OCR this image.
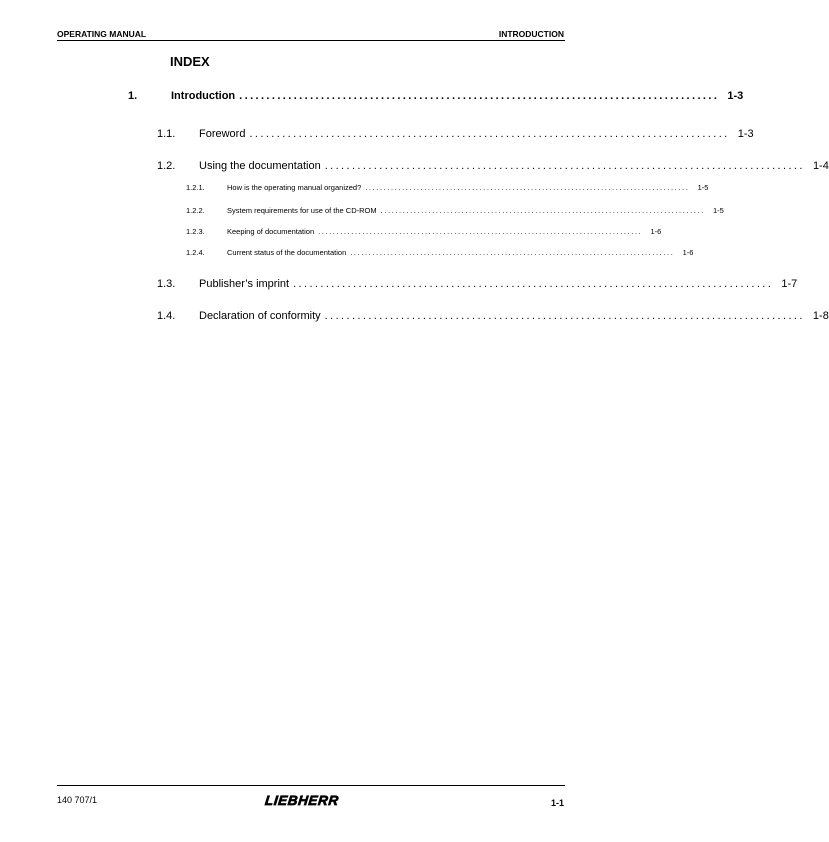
OPERATING MANUAL	INTRODUCTION
INDEX
1.	Introduction ........................................................................................ 1-3
1.1.	Foreword ........................................................................................ 1-3
1.2.	Using the documentation ........................................................................................ 1-4
1.2.1.	How is the operating manual organized? ........................................................................................	1-5
1.2.2.	System requirements for use of the CD-ROM ........................................................................................	1-5
1.2.3.	Keeping of documentation ........................................................................................	1-6
1.2.4.	Current status of the documentation ........................................................................................	1-6
1.3.	Publisher’s imprint ........................................................................................ 1-7
1.4.	Declaration of conformity ........................................................................................ 1-8
140 707/1	LIEBHERR	1-1
